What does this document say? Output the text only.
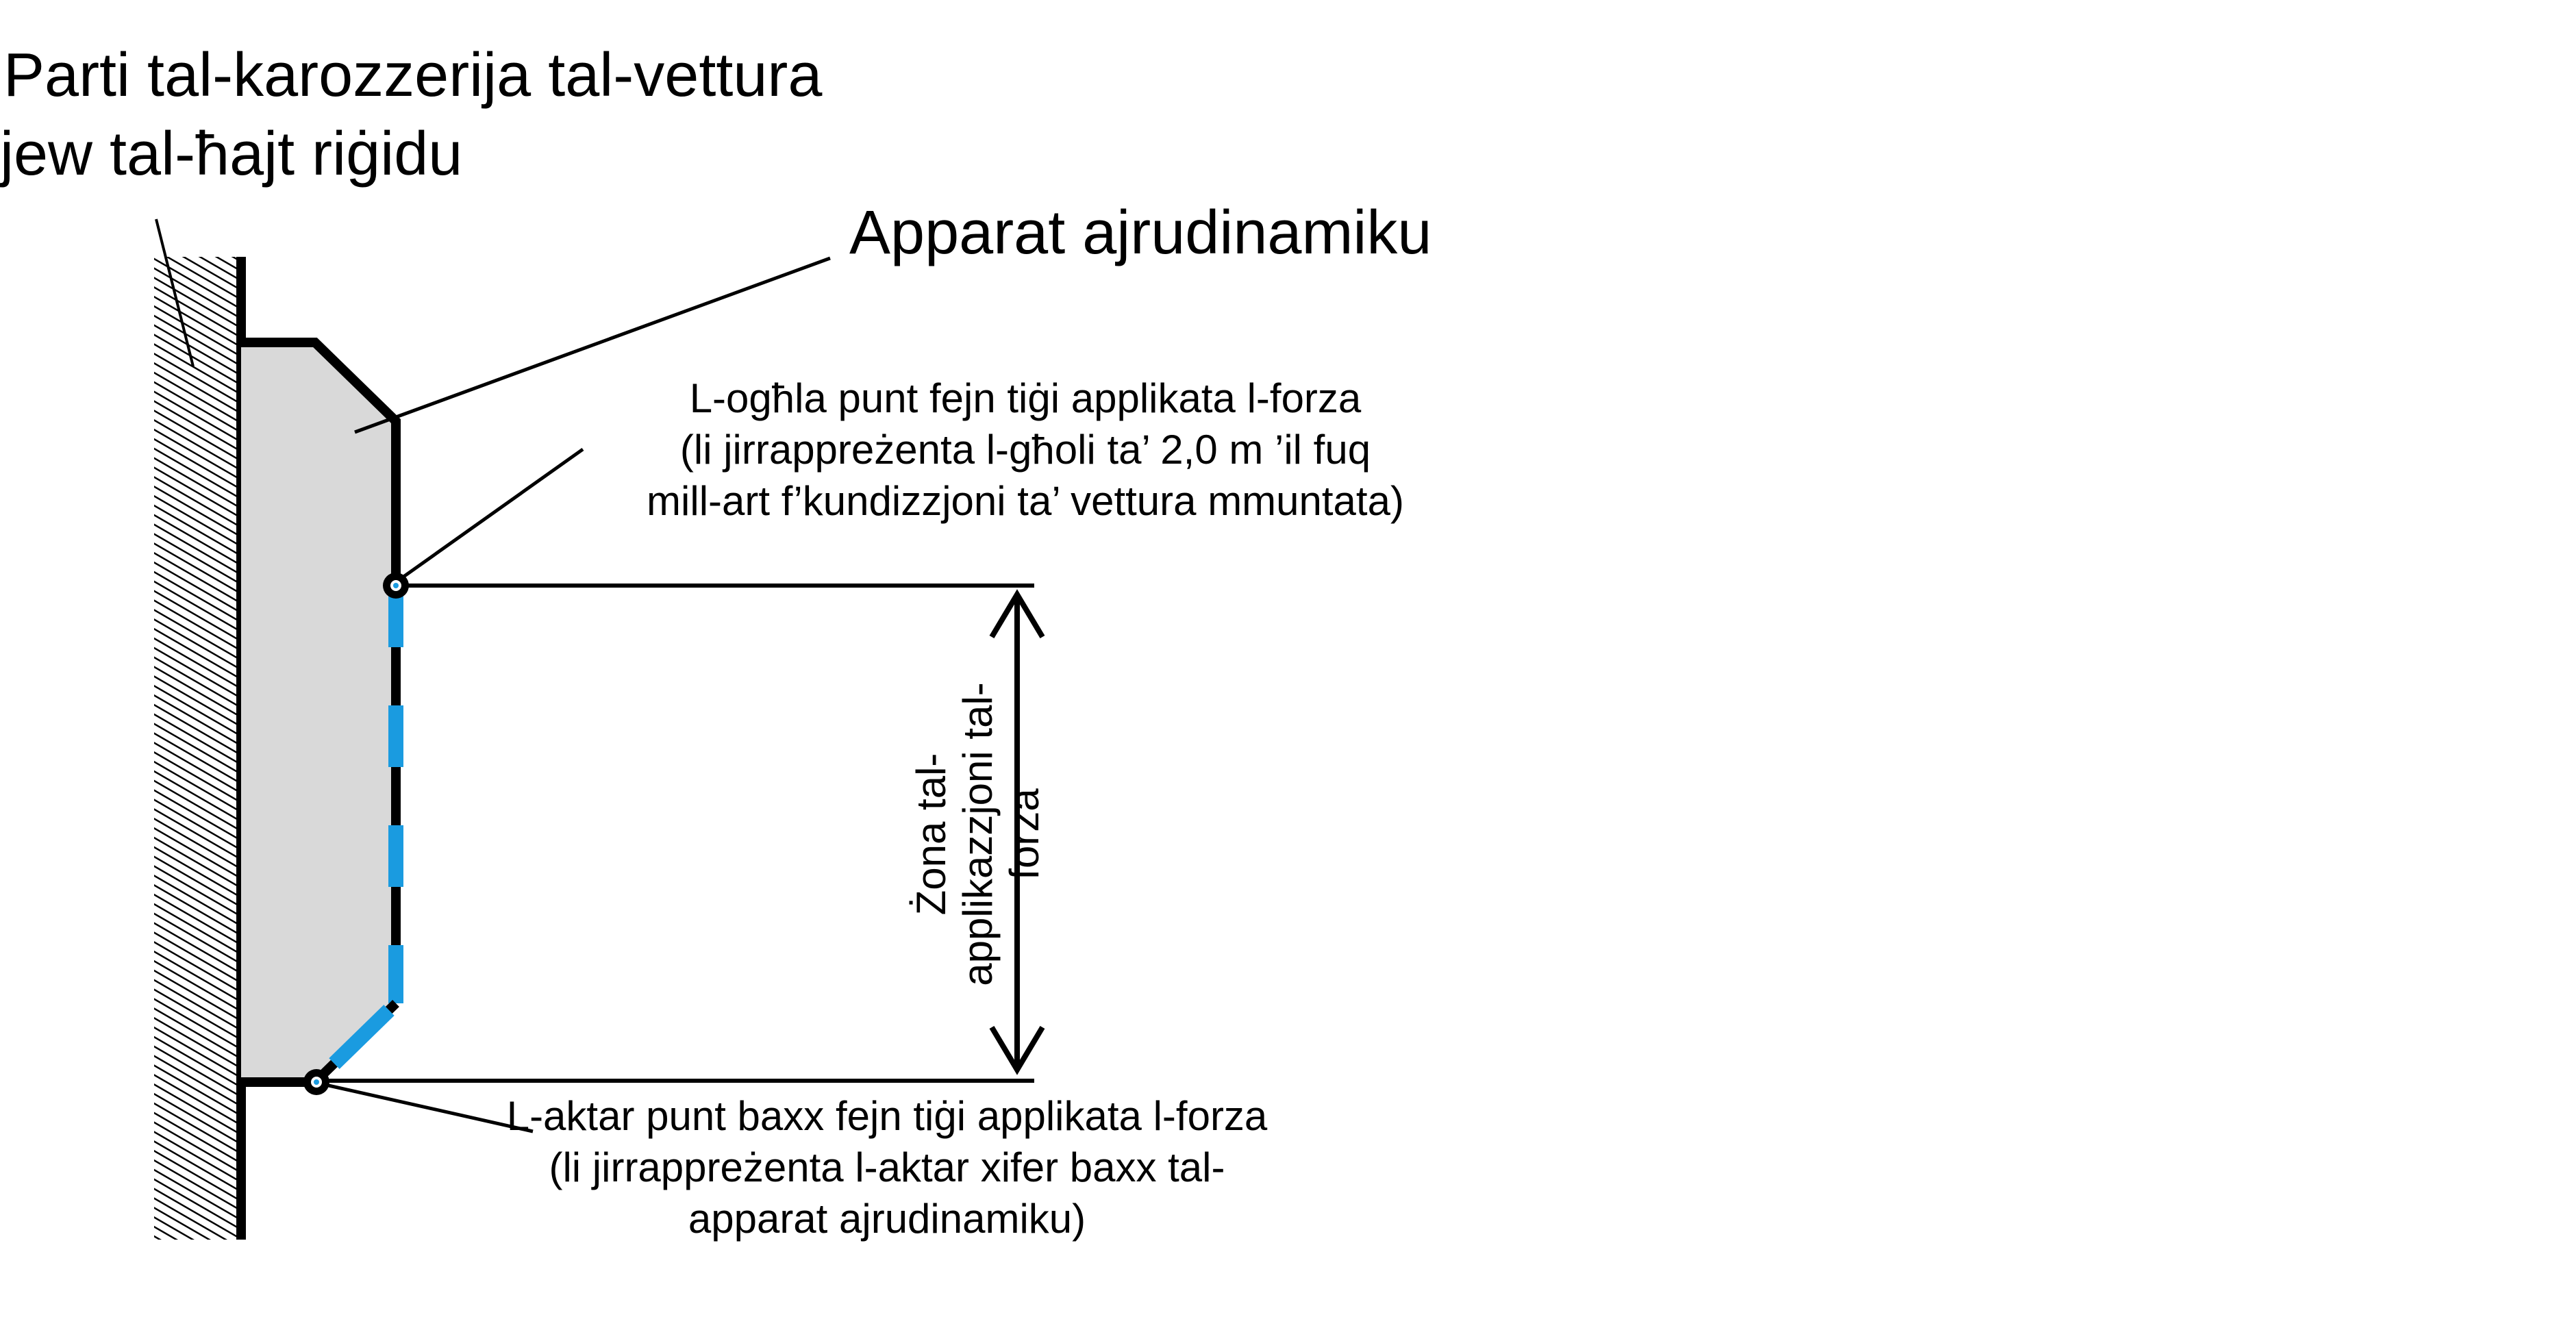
Parti tal-karozzerija tal-vettura
jew tal-ħajt riġidu
Apparat ajrudinamiku
L-ogħla punt fejn tiġi applikata l-forza
(li jirrappreżenta l-għoli ta’ 2,0 m ’il fuq
mill-art f’kundizzjoni ta’ vettura mmuntata)
L-aktar punt baxx fejn tiġi applikata l-forza
(li jirrappreżenta l-aktar xifer baxx tal-
apparat ajrudinamiku)
Żona tal- applikazzjoni tal- forza
